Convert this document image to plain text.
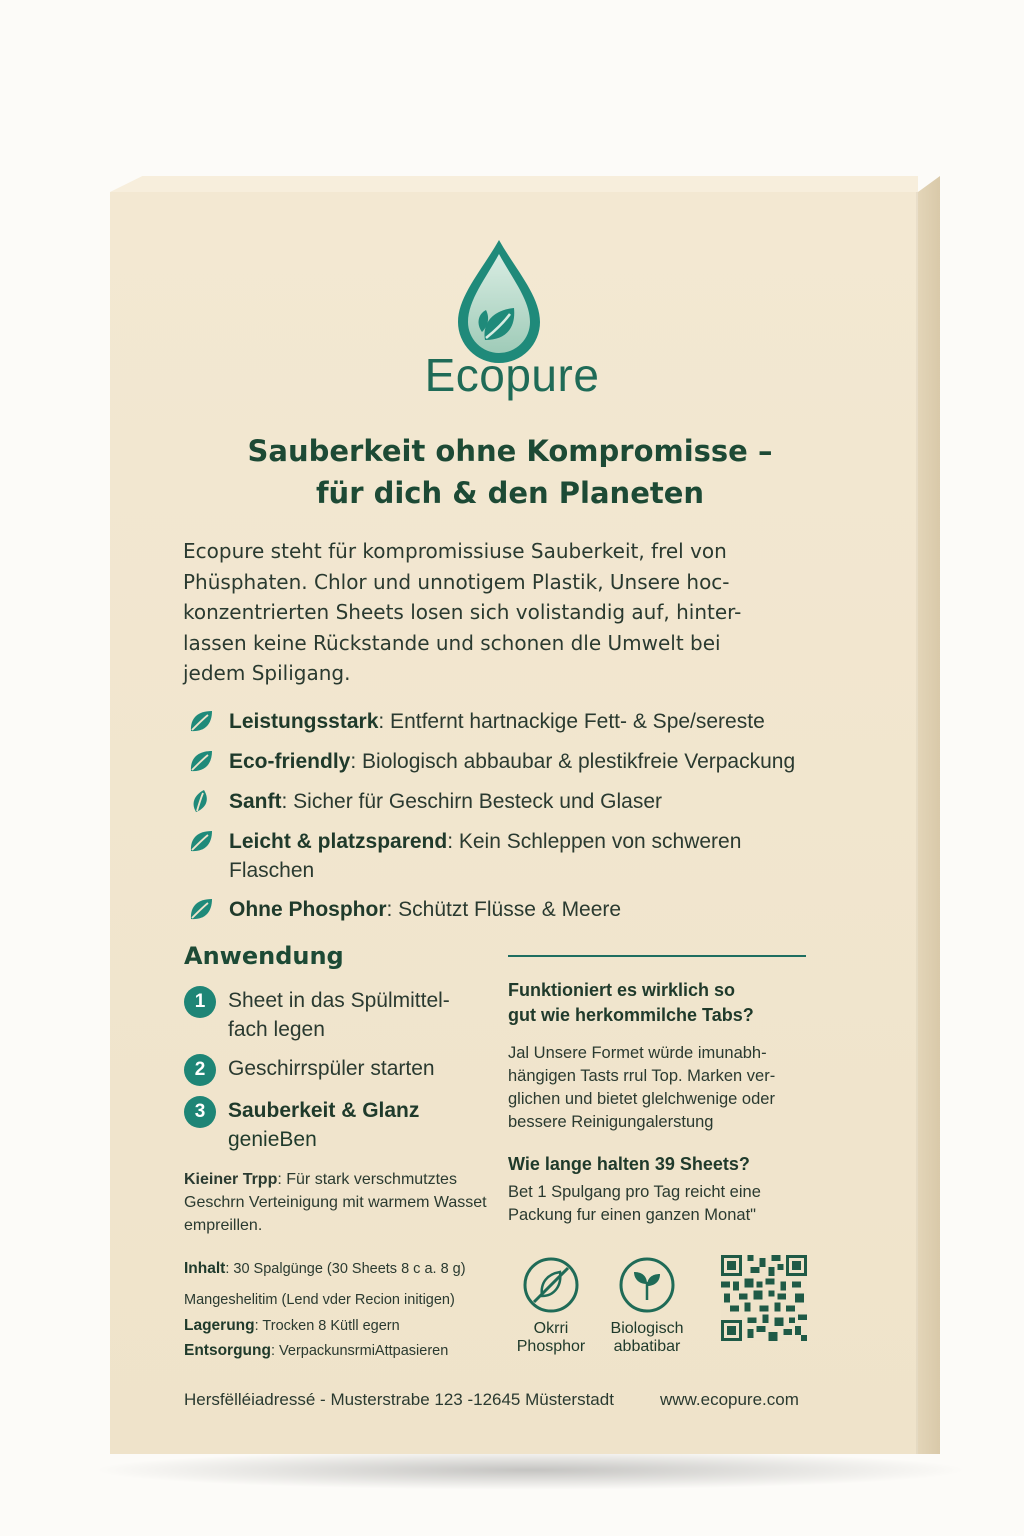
Ecopure
Sauberkeit ohne Kompromisse –
für dich & den Planeten
Ecopure steht für kompromissiuse Sauberkeit, frel von
Phüsphaten. Chlor und unnotigem Plastik, Unsere hoc-
konzentrierten Sheets losen sich volistandig auf, hinter-
lassen keine Rückstande und schonen dle Umwelt bei
jedem Spiligang.
Leistungsstark: Entfernt hartnackige Fett- & Spe/sereste
Eco-friendly: Biologisch abbaubar & plestikfreie Verpackung
Sanft: Sicher für Geschirn Besteck und Glaser
Leicht & platzsparend: Kein Schleppen von schweren
Flaschen
Ohne Phosphor: Schützt Flüsse & Meere
Anwendung
1	Sheet in das Spülmittel-
fach legen
2	Geschirrspüler starten
3	Sauberkeit & Glanz
genieBen
Kieiner Trpp: Für stark verschmutztes Geschrn Verteinigung mit warmem Wasset empreillen.
Inhalt: 30 Spalgünge (30 Sheets 8 c a. 8 g)
Mangeshelitim (Lend vder Recion initigen)
Lagerung: Trocken 8 Kütll egern
Entsorgung: VerpackunsrmiAttpasieren
Funktioniert es wirklich so
gut wie herkommilche Tabs?
Jal Unsere Formet würde imunabh-
hängigen Tasts rrul Top. Marken ver-
glichen und bietet glelchwenige oder
bessere Reinigungalerstung
Wie lange halten 39 Sheets?
Bet 1 Spulgang pro Tag reicht eine
Packung fur einen ganzen Monat"
Okrri
Phosphor
Biologisch
abbatibar
Hersfëlléiadressé - Musterstrabe 123 -12645 Müsterstadt	www.ecopure.com
